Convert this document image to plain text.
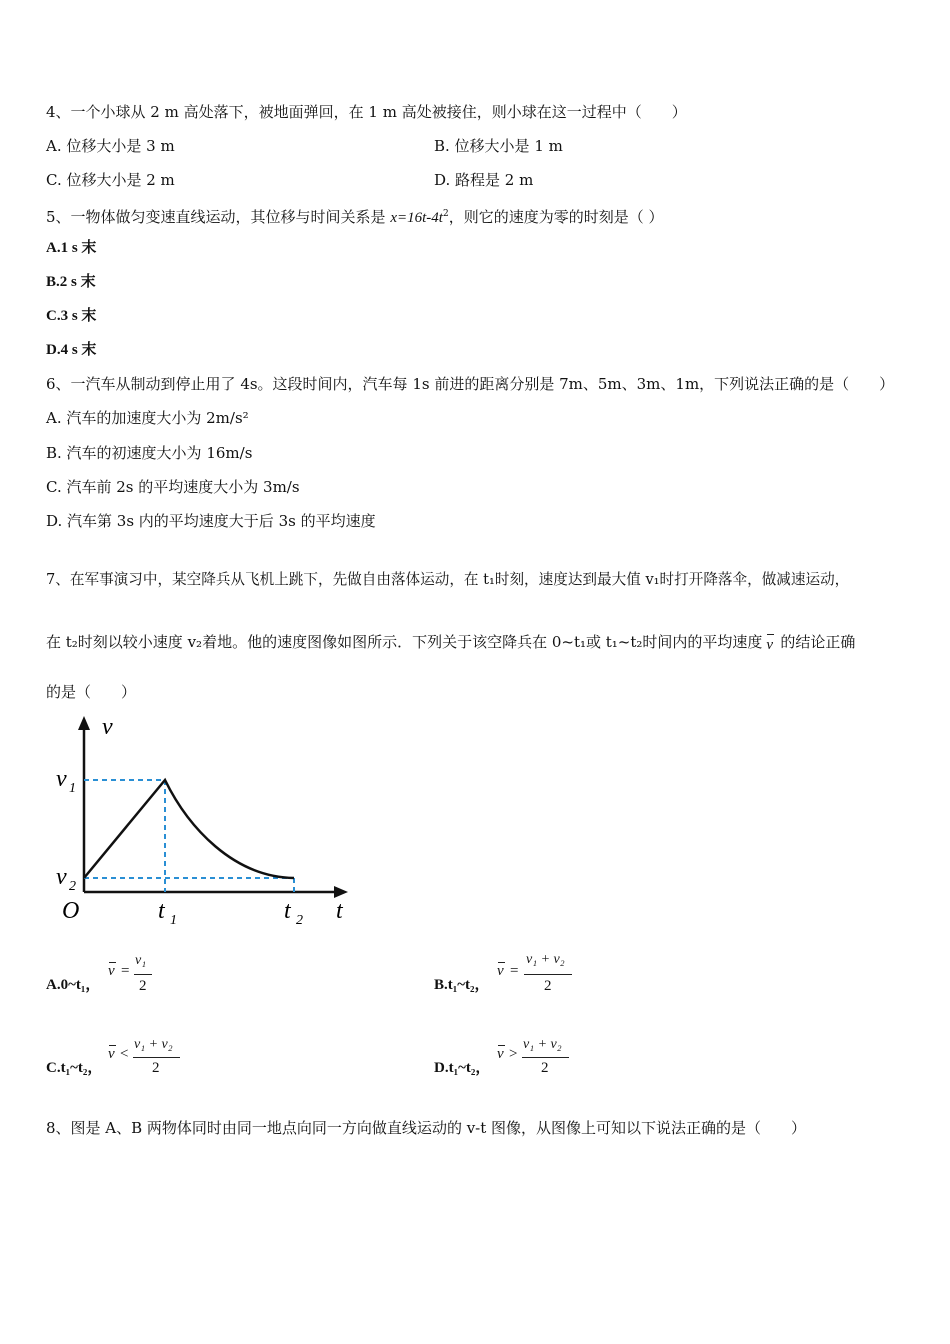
4、一个小球从 2 m 高处落下，被地面弹回，在 1 m 高处被接住，则小球在这一过程中（　　）
A. 位移大小是 3 m	B. 位移大小是 1 m
C. 位移大小是 2 m	D. 路程是 2 m
5、一物体做匀变速直线运动，其位移与时间关系是 $x=16t-4t^2$，则它的速度为零的时刻是（ ）
A.1 s 末
B.2 s 末
C.3 s 末
D.4 s 末
6、一汽车从制动到停止用了 4s。这段时间内，汽车每 1s 前进的距离分别是 7m、5m、3m、1m，下列说法正确的是（　　）
A. 汽车的加速度大小为 2m/s²
B. 汽车的初速度大小为 16m/s
C. 汽车前 2s 的平均速度大小为 3m/s
D. 汽车第 3s 内的平均速度大于后 3s 的平均速度
7、在军事演习中，某空降兵从飞机上跳下，先做自由落体运动，在 t₁时刻，速度达到最大值 v₁时打开降落伞，做减速运动，
在 t₂时刻以较小速度 v₂着地。他的速度图像如图所示．下列关于该空降兵在 0~t₁或 t₁~t₂时间内的平均速度 v 的结论正确
的是（　　）
v
t
O
v 1
v 2
t 1	t 2
A.0~t₁，
v =
v₁
2	B.t₁~t₂，
v =
v₁ + v₂
2
C.t₁~t₂，
v <
v₁ + v₂
2	D.t₁~t₂，
v >
v₁ + v₂
2
8、图是 A、B 两物体同时由同一地点向同一方向做直线运动的 v-t 图像，从图像上可知以下说法正确的是（　　）
